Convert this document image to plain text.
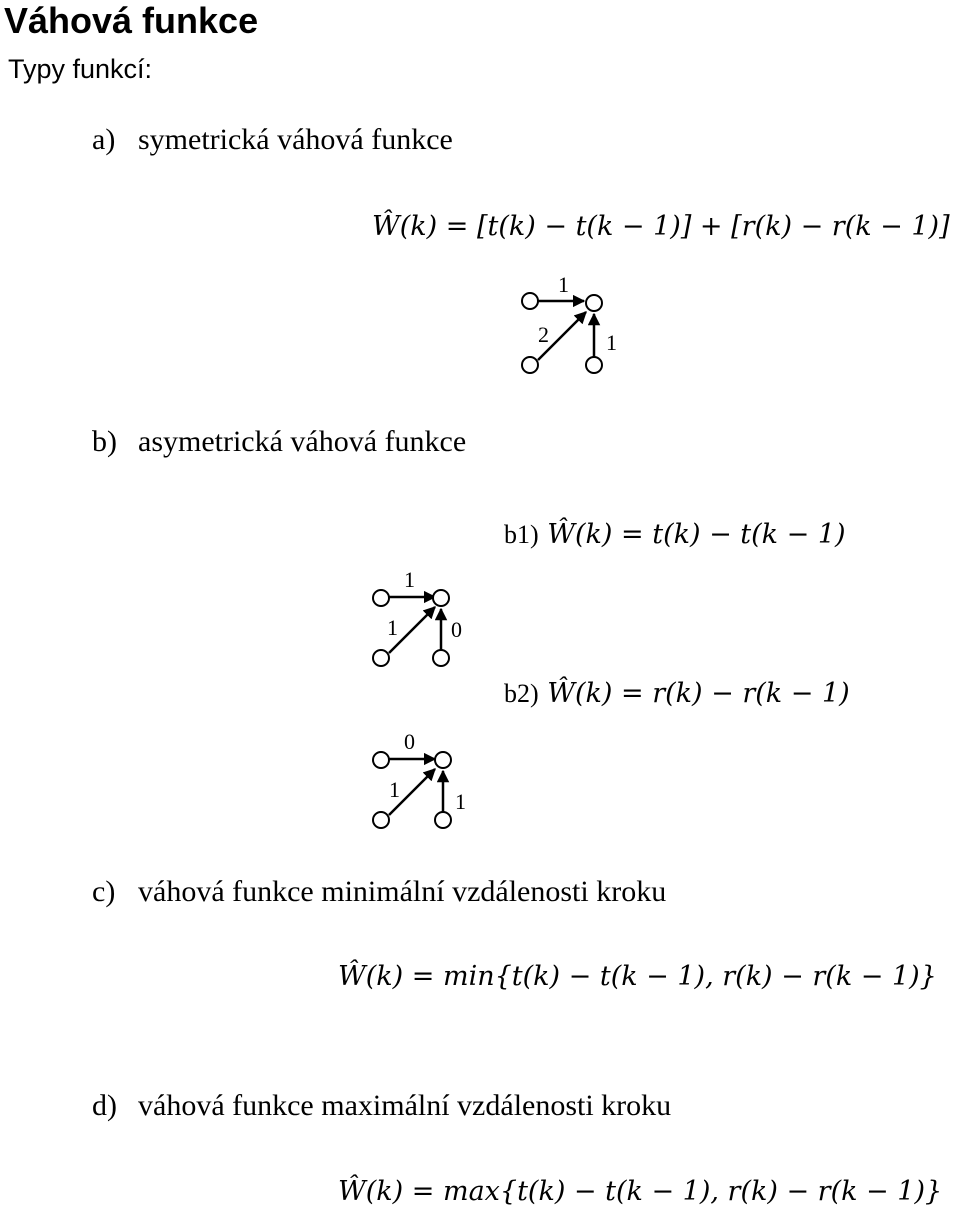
Váhová funkce
Typy funkcí:
a) symetrická váhová funkce
Ŵ(k) = [t(k) − t(k − 1)] + [r(k) − r(k − 1)]
1
2	1
b) asymetrická váhová funkce
b1) Ŵ(k) = t(k) − t(k − 1)
b2) Ŵ(k) = r(k) − r(k − 1)
1
1 0
0
1	1
c) váhová funkce minimální vzdálenosti kroku
Ŵ(k) = min{t(k) − t(k − 1), r(k) − r(k − 1)}
d) váhová funkce maximální vzdálenosti kroku
Ŵ(k) = max{t(k) − t(k − 1), r(k) − r(k − 1)}
